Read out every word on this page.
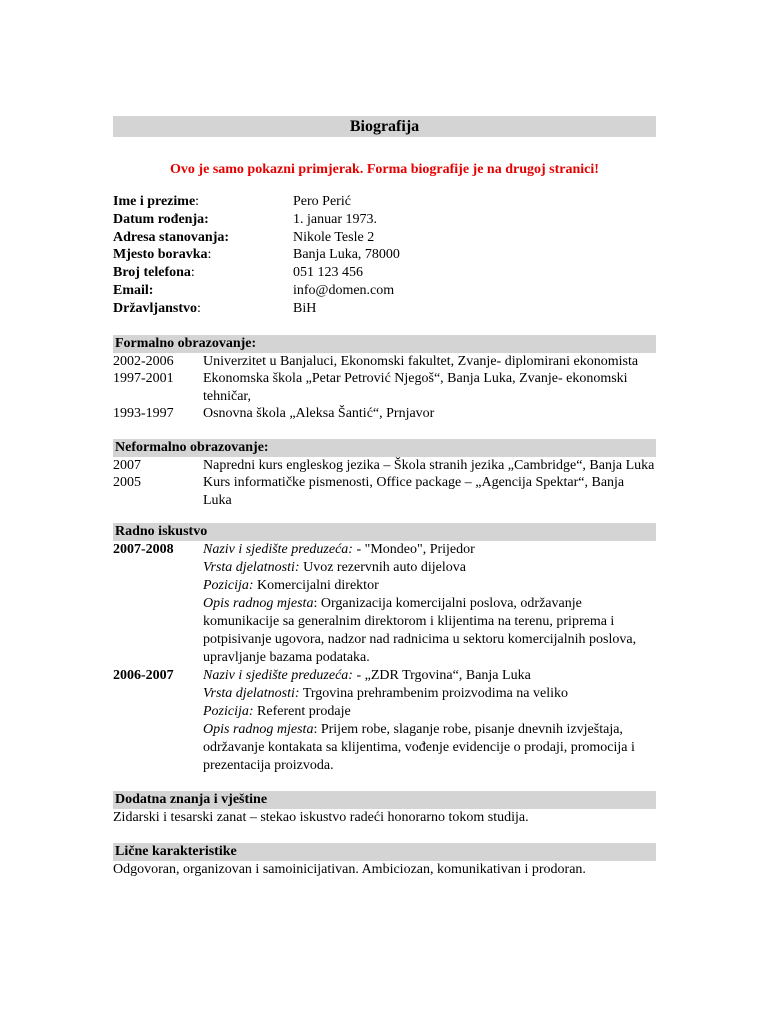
Biografija
Ovo je samo pokazni primjerak. Forma biografije je na drugoj stranici!
Ime i prezime:	Pero Perić
Datum rođenja:	1. januar 1973.
Adresa stanovanja:	Nikole Tesle 2
Mjesto boravka:	Banja Luka, 78000
Broj telefona:	051 123 456
Email:	info@domen.com
Državljanstvo:	BiH
Formalno obrazovanje:
2002-2006	Univerzitet u Banjaluci, Ekonomski fakultet, Zvanje- diplomirani ekonomista
1997-2001	Ekonomska škola „Petar Petrović Njegoš“, Banja Luka, Zvanje- ekonomski tehničar,
1993-1997	Osnovna škola „Aleksa Šantić“, Prnjavor
Neformalno obrazovanje:
2007	Napredni kurs engleskog jezika – Škola stranih jezika „Cambridge“, Banja Luka
2005	Kurs informatičke pismenosti, Office package – „Agencija Spektar“, Banja Luka
Radno iskustvo
2007-2008	Naziv i sjedište preduzeća: - "Mondeo", Prijedor
Vrsta djelatnosti: Uvoz rezervnih auto dijelova
Pozicija: Komercijalni direktor
Opis radnog mjesta: Organizacija komercijalni poslova, održavanje komunikacije sa generalnim direktorom i klijentima na terenu, priprema i potpisivanje ugovora, nadzor nad radnicima u sektoru komercijalnih poslova, upravljanje bazama podataka.
2006-2007	Naziv i sjedište preduzeća: - „ZDR Trgovina“, Banja Luka
Vrsta djelatnosti: Trgovina prehrambenim proizvodima na veliko
Pozicija: Referent prodaje
Opis radnog mjesta: Prijem robe, slaganje robe, pisanje dnevnih izvještaja, održavanje kontakata sa klijentima, vođenje evidencije o prodaji, promocija i prezentacija proizvoda.
Dodatna znanja i vještine
Zidarski i tesarski zanat – stekao iskustvo radeći honorarno tokom studija.
Lične karakteristike
Odgovoran, organizovan i samoinicijativan. Ambiciozan, komunikativan i prodoran.
